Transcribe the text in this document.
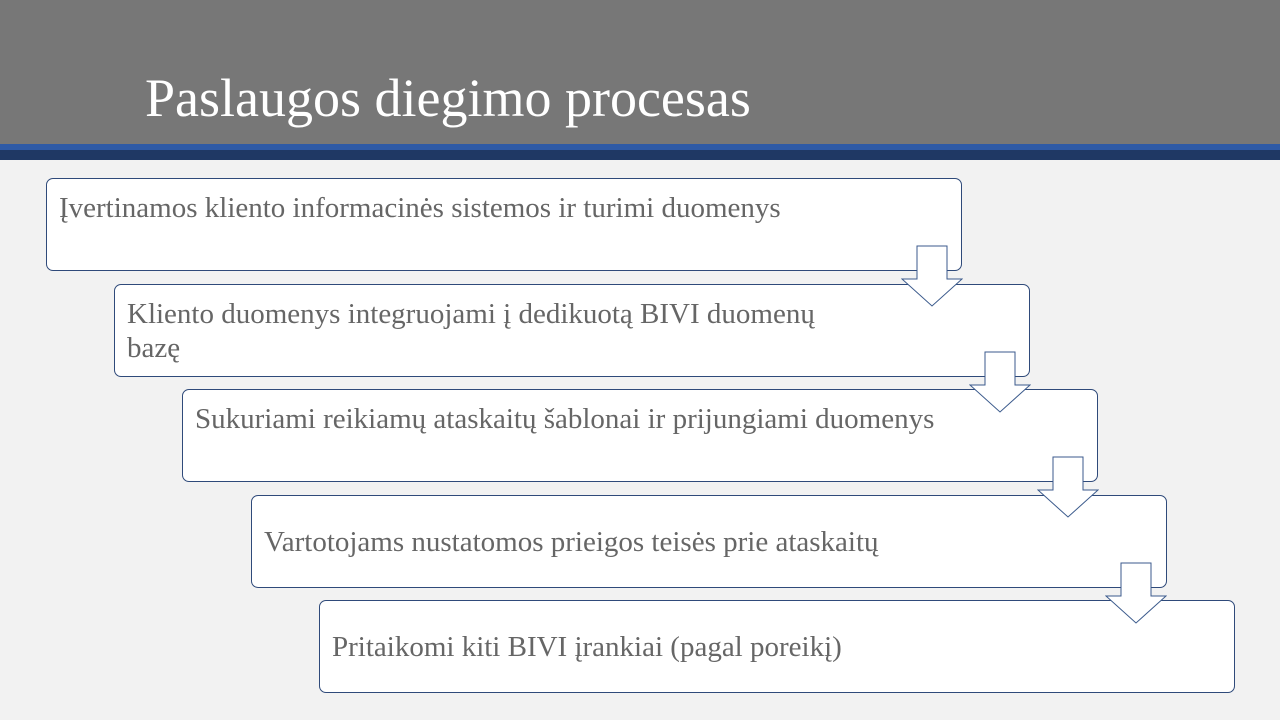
Paslaugos diegimo procesas
Įvertinamos kliento informacinės sistemos ir turimi duomenys
Kliento duomenys integruojami į dedikuotą BIVI duomenų bazę
Sukuriami reikiamų ataskaitų šablonai ir prijungiami duomenys
Vartotojams nustatomos prieigos teisės prie ataskaitų
Pritaikomi kiti BIVI įrankiai (pagal poreikį)
